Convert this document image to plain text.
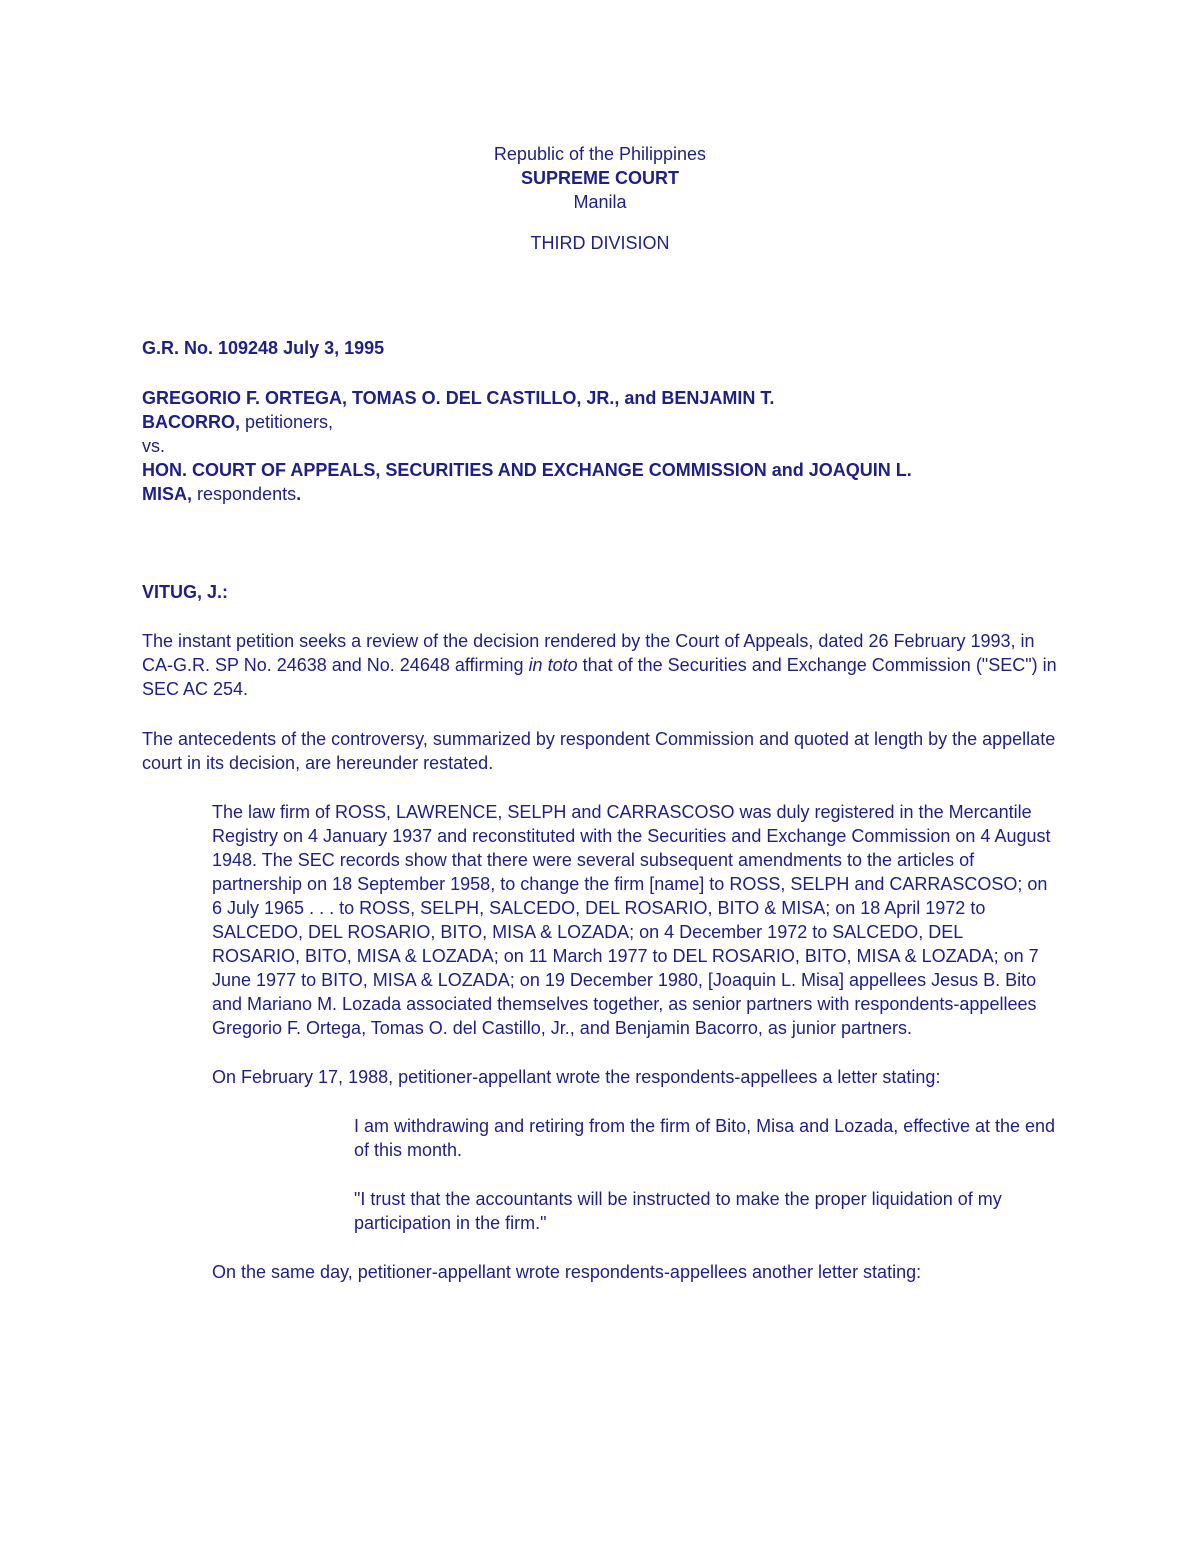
Republic of the Philippines
SUPREME COURT
Manila
THIRD DIVISION
G.R. No. 109248 July 3, 1995
GREGORIO F. ORTEGA, TOMAS O. DEL CASTILLO, JR., and BENJAMIN T.
BACORRO, petitioners,
vs.
HON. COURT OF APPEALS, SECURITIES AND EXCHANGE COMMISSION and JOAQUIN L.
MISA, respondents.
VITUG, J.:

The instant petition seeks a review of the decision rendered by the Court of Appeals, dated 26 February 1993, in CA-G.R. SP No. 24638 and No. 24648 affirming in toto that of the Securities and Exchange Commission ("SEC") in SEC AC 254.

The antecedents of the controversy, summarized by respondent Commission and quoted at length by the appellate court in its decision, are hereunder restated.

The law firm of ROSS, LAWRENCE, SELPH and CARRASCOSO was duly registered in the Mercantile Registry on 4 January 1937 and reconstituted with the Securities and Exchange Commission on 4 August 1948. The SEC records show that there were several subsequent amendments to the articles of partnership on 18 September 1958, to change the firm [name] to ROSS, SELPH and CARRASCOSO; on 6 July 1965 . . . to ROSS, SELPH, SALCEDO, DEL ROSARIO, BITO & MISA; on 18 April 1972 to SALCEDO, DEL ROSARIO, BITO, MISA & LOZADA; on 4 December 1972 to SALCEDO, DEL ROSARIO, BITO, MISA & LOZADA; on 11 March 1977 to DEL ROSARIO, BITO, MISA & LOZADA; on 7 June 1977 to BITO, MISA & LOZADA; on 19 December 1980, [Joaquin L. Misa] appellees Jesus B. Bito and Mariano M. Lozada associated themselves together, as senior partners with respondents-appellees Gregorio F. Ortega, Tomas O. del Castillo, Jr., and Benjamin Bacorro, as junior partners.

On February 17, 1988, petitioner-appellant wrote the respondents-appellees a letter stating:

I am withdrawing and retiring from the firm of Bito, Misa and Lozada, effective at the end of this month.

"I trust that the accountants will be instructed to make the proper liquidation of my participation in the firm."

On the same day, petitioner-appellant wrote respondents-appellees another letter stating:
